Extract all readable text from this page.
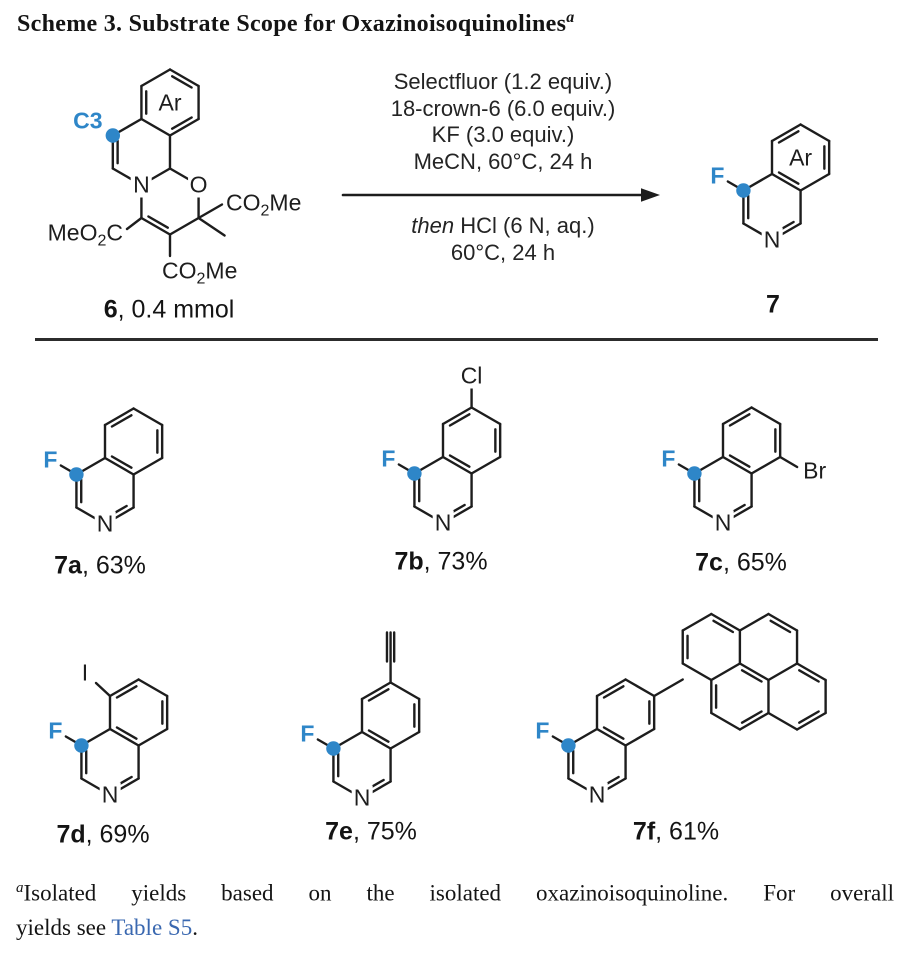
Scheme 3. Substrate Scope for Oxazinoisoquinolines$^a$
C3
Ar
N O
$CO_2Me$
MeO$_2$C
$CO_2Me$
6, 0.4 mmol
Selectfluor (1.2 equiv.)
18-crown-6 (6.0 equiv.)
KF (3.0 equiv.)
MeCN, 60°C, 24 h
then HCl (6 N, aq.)
60°C, 24 h
F
Ar
N
7
F
N
7a, 63%
F
N
Cl
7b, 73%
F
N
Br
7c, 65%
F
N
I
7d, 69%
F
N
7e, 75%
F
N
7f, 61%
$^a$Isolated yields based on the isolated oxazinoisoquinoline. For overall
yields see Table S5.
